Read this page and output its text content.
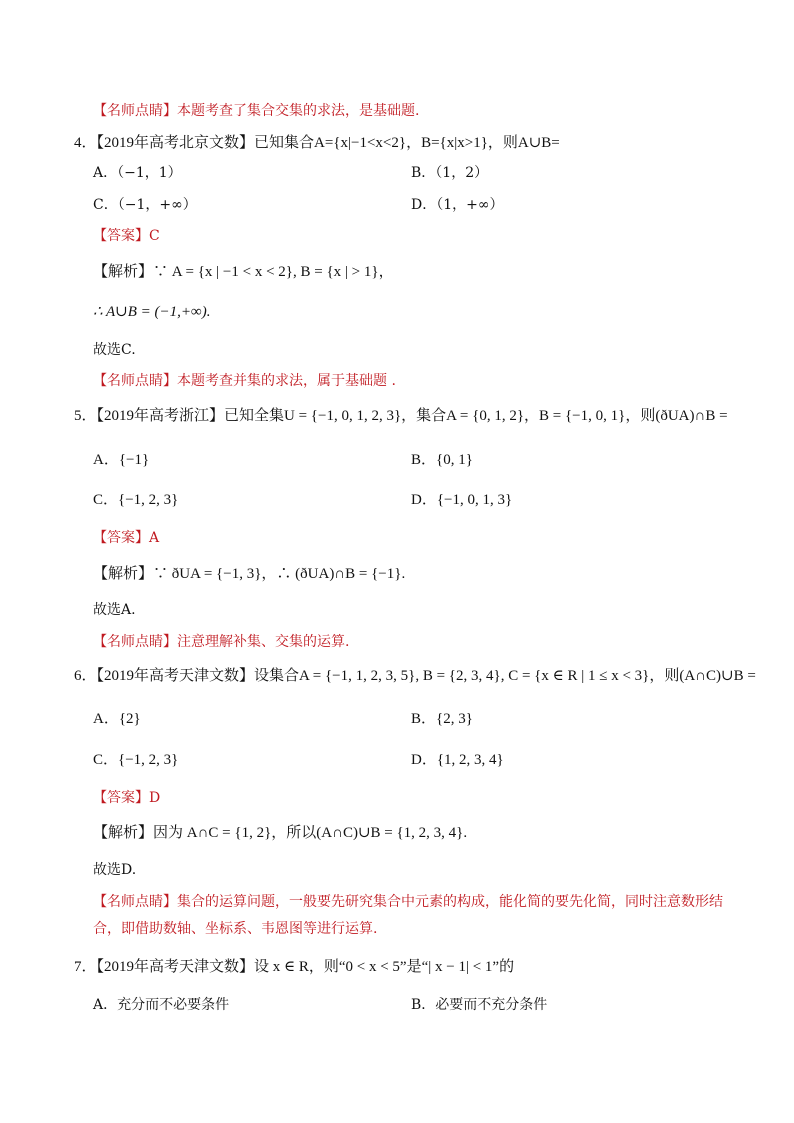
【名师点睛】本题考查了集合交集的求法，是基础题.
4．【2019年高考北京文数】已知集合A={x|−1<x<2}，B={x|x>1}，则A∪B=
A．（−1，1）	B．（1，2）
C．（−1，+∞）	D．（1，+∞）
【答案】C
【解析】∵ A = {x | −1 < x < 2}, B = {x | > 1}，
∴ A∪B = (−1,+∞).
故选C.
【名师点睛】本题考查并集的求法，属于基础题 .
5．【2019年高考浙江】已知全集U = {−1, 0, 1, 2, 3}，集合A = {0, 1, 2}，B = {−1, 0, 1}，则(ðUA)∩B =
A．{−1}	B．{0, 1}
C．{−1, 2, 3}	D．{−1, 0, 1, 3}
【答案】A
【解析】∵ ðUA = {−1, 3}，∴ (ðUA)∩B = {−1}.
故选A.
【名师点睛】注意理解补集、交集的运算.
6．【2019年高考天津文数】设集合A = {−1, 1, 2, 3, 5}, B = {2, 3, 4}, C = {x ∈ R | 1 ≤ x < 3}，则(A∩C)∪B =
A．{2}	B．{2, 3}
C．{−1, 2, 3}	D．{1, 2, 3, 4}
【答案】D
【解析】因为 A∩C = {1, 2}，所以(A∩C)∪B = {1, 2, 3, 4}.
故选D.
【名师点睛】集合的运算问题，一般要先研究集合中元素的构成，能化简的要先化简，同时注意数形结合，即借助数轴、坐标系、韦恩图等进行运算.
7．【2019年高考天津文数】设 x ∈ R，则“0 < x < 5”是“| x − 1| < 1”的
A．充分而不必要条件	B．必要而不充分条件
